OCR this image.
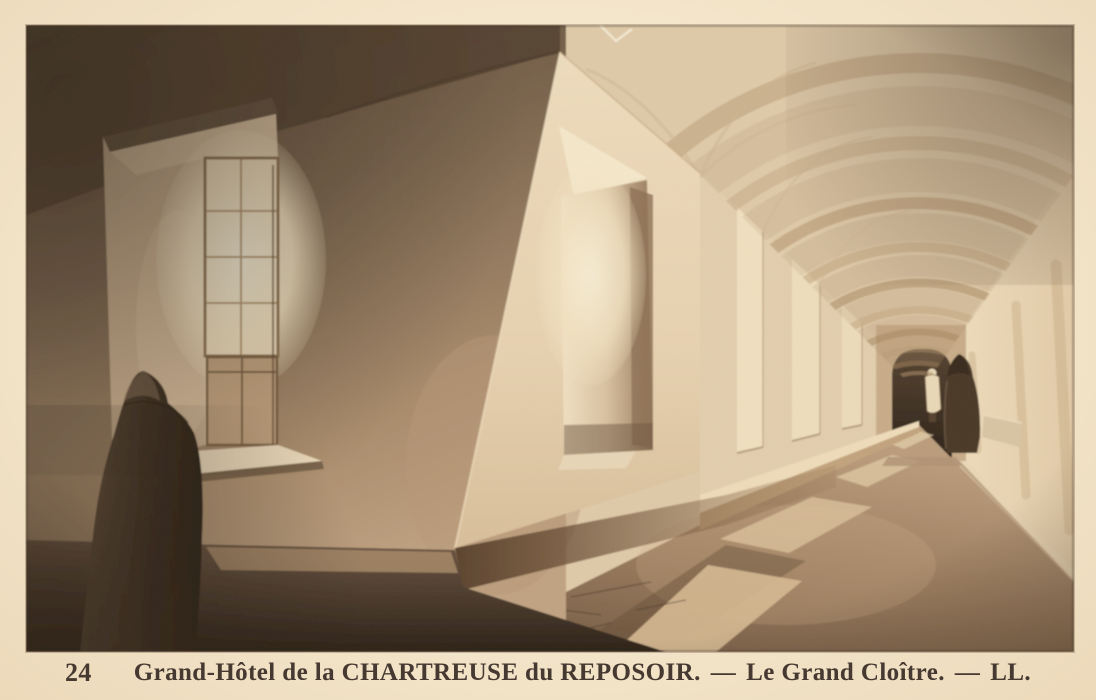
24 Grand-Hôtel de la CHARTREUSE du REPOSOIR. — Le Grand Cloître. — LL.
